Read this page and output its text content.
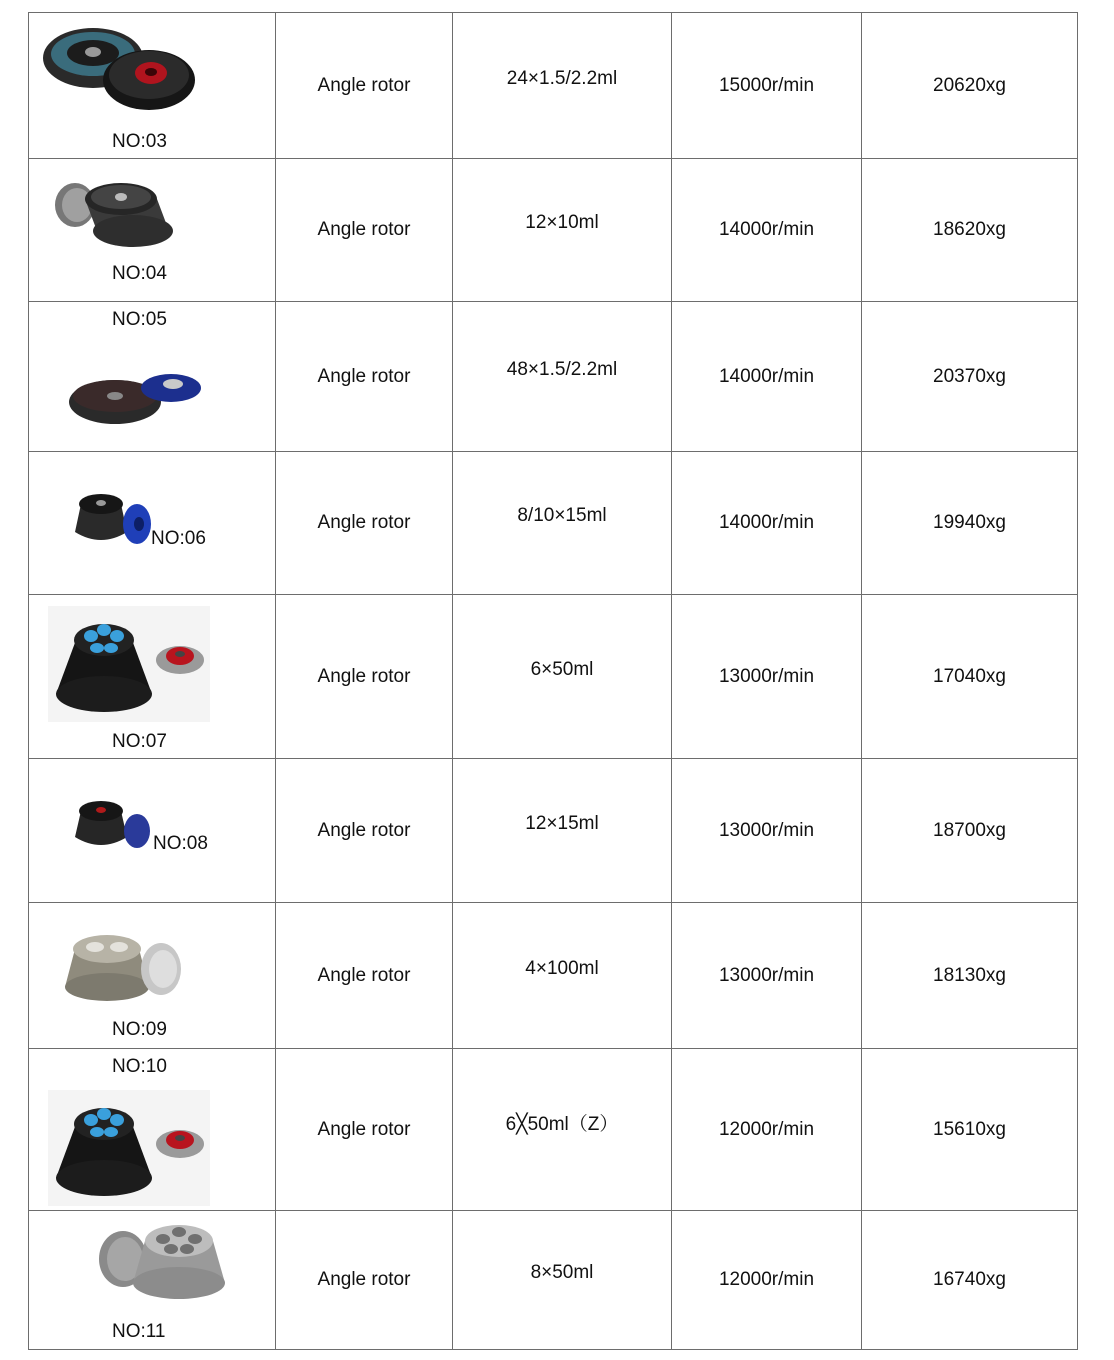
NO:03	Angle rotor	24×1.5/2.2ml	15000r/min	20620xg

NO:04	Angle rotor	12×10ml	14000r/min	18620xg

NO:05	Angle rotor	48×1.5/2.2ml	14000r/min	20370xg

NO:06	Angle rotor	8/10×15ml	14000r/min	19940xg

NO:07	Angle rotor	6×50ml	13000r/min	17040xg

NO:08	Angle rotor	12×15ml	13000r/min	18700xg

NO:09	Angle rotor	4×100ml	13000r/min	18130xg

NO:10	Angle rotor	6╳50ml（Z）	12000r/min	15610xg

NO:11	Angle rotor	8×50ml	12000r/min	16740xg
